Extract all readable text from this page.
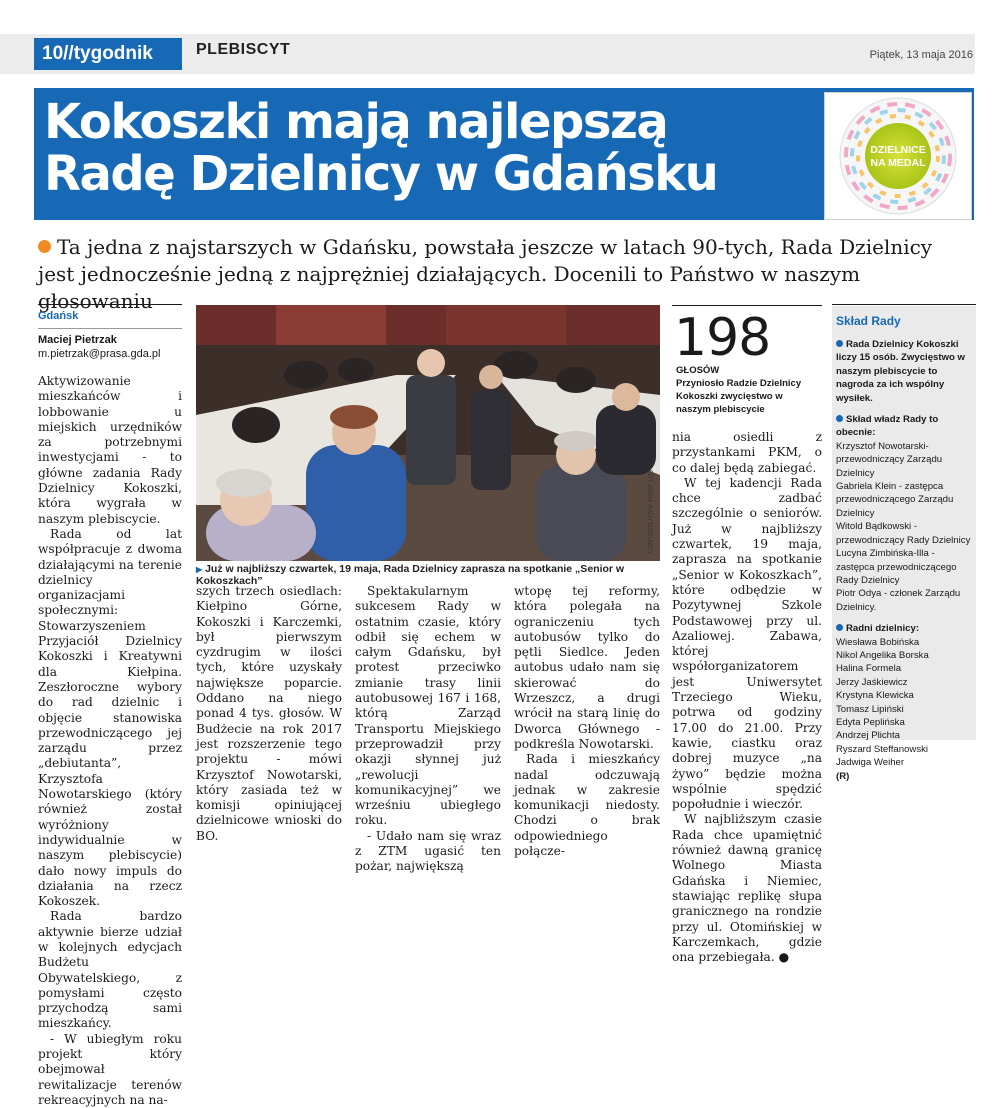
10//tygodnik	PLEBISCYT	Piątek, 13 maja 2016
Kokoszki mają najlepszą
Radę Dzielnicy w Gdańsku	DZIELNICE
NA MEDAL
Ta jedna z najstarszych w Gdańsku, powstała jeszcze w latach 90-tych, Rada Dzielnicy
jest jednocześnie jedną z najprężniej działających. Docenili to Państwo w naszym głosowaniu
Gdańsk
Maciej Pietrzak
m.pietrzak@prasa.gda.pl

Aktywizowanie mieszkańców i lobbowanie u miejskich urzędników za potrzebnymi inwestycjami - to główne zadania Rady Dzielnicy Kokoszki, która wygrała w naszym plebiscycie.

Rada od lat współpracuje z dwoma działającymi na terenie dzielnicy organizacjami społecznymi: Stowarzyszeniem Przyjaciół Dzielnicy Kokoszki i Kreatywni dla Kiełpina. Zeszłoroczne wybory do rad dzielnic i objęcie stanowiska przewodniczącego jej zarządu przez „debiutanta”, Krzysztofa Nowotarskiego (który również został wyróżniony indywidualnie w naszym plebiscycie) dało nowy impuls do działania na rzecz Kokoszek.

Rada bardzo aktywnie bierze udział w kolejnych edycjach Budżetu Obywatelskiego, z pomysłami często przychodzą sami mieszkańcy.

- W ubiegłym roku projekt który obejmował rewitalizacje terenów rekreacyjnych na na-

FOT. ARCH. RADY DZIELNICY
▶ Już w najbliższy czwartek, 19 maja, Rada Dzielnicy zaprasza na spotkanie „Senior w Kokoszkach”
198
GŁOSÓW
Przyniosło Radzie Dzielnicy Kokoszki zwycięstwo w naszym plebiscycie

szych trzech osiedlach: Kiełpino Górne, Kokoszki i Karczemki, był pierwszym cyzdrugim w ilości tych, które uzyskały największe poparcie. Oddano na niego ponad 4 tys. głosów. W Budżecie na rok 2017 jest rozszerzenie tego projektu - mówi Krzysztof Nowotarski, który zasiada też w komisji opiniującej dzielnicowe wnioski do BO.

Spektakularnym sukcesem Rady w ostatnim czasie, który odbił się echem w całym Gdańsku, był protest przeciwko zmianie trasy linii autobusowej 167 i 168, którą Zarząd Transportu Miejskiego przeprowadził przy okazji słynnej już „rewolucji komunikacyjnej” we wrześniu ubiegłego roku.

- Udało nam się wraz z ZTM ugasić ten pożar, największą

wtopę tej reformy, która polegała na ograniczeniu tych autobusów tylko do pętli Siedlce. Jeden autobus udało nam się skierować do Wrzeszcz, a drugi wrócił na starą linię do Dworca Głównego - podkreśla Nowotarski.

Rada i mieszkańcy nadal odczuwają jednak w zakresie komunikacji niedosty. Chodzi o brak odpowiedniego połącze-

nia osiedli z przystankami PKM, o co dalej będą zabiegać.

W tej kadencji Rada chce zadbać szczególnie o seniorów. Już w najbliższy czwartek, 19 maja, zaprasza na spotkanie „Senior w Kokoszkach”, które odbędzie w Pozytywnej Szkole Podstawowej przy ul. Azaliowej. Zabawa, której współorganizatorem jest Uniwersytet Trzeciego Wieku, potrwa od godziny 17.00 do 21.00. Przy kawie, ciastku oraz dobrej muzyce „na żywo” będzie można wspólnie spędzić popołudnie i wieczór.

W najbliższym czasie Rada chce upamiętnić również dawną granicę Wolnego Miasta Gdańska i Niemiec, stawiając replikę słupa granicznego na rondzie przy ul. Otomińskiej w Karczemkach, gdzie ona przebiegała. ●

Skład Rady
Rada Dzielnicy Kokoszki liczy 15 osób. Zwycięstwo w naszym plebiscycie to nagroda za ich wspólny wysiłek.
Skład władz Rady to obecnie:
Krzysztof Nowotarski- przewodniczący Zarządu Dzielnicy
Gabriela Klein - zastępca przewodniczącego Zarządu Dzielnicy
Witold Bądkowski - przewodniczący Rady Dzielnicy
Lucyna Zimbińska-Illa - zastępca przewodniczącego Rady Dzielnicy
Piotr Odya - członek Zarządu Dzielnicy.
Radni dzielnicy:
Wiesława Bobińska
Nikol Angelika Borska
Halina Formela
Jerzy Jaśkiewicz
Krystyna Klewicka
Tomasz Lipiński
Edyta Peplińska
Andrzej Plichta
Ryszard Steffanowski
Jadwiga Weiher
(R)
